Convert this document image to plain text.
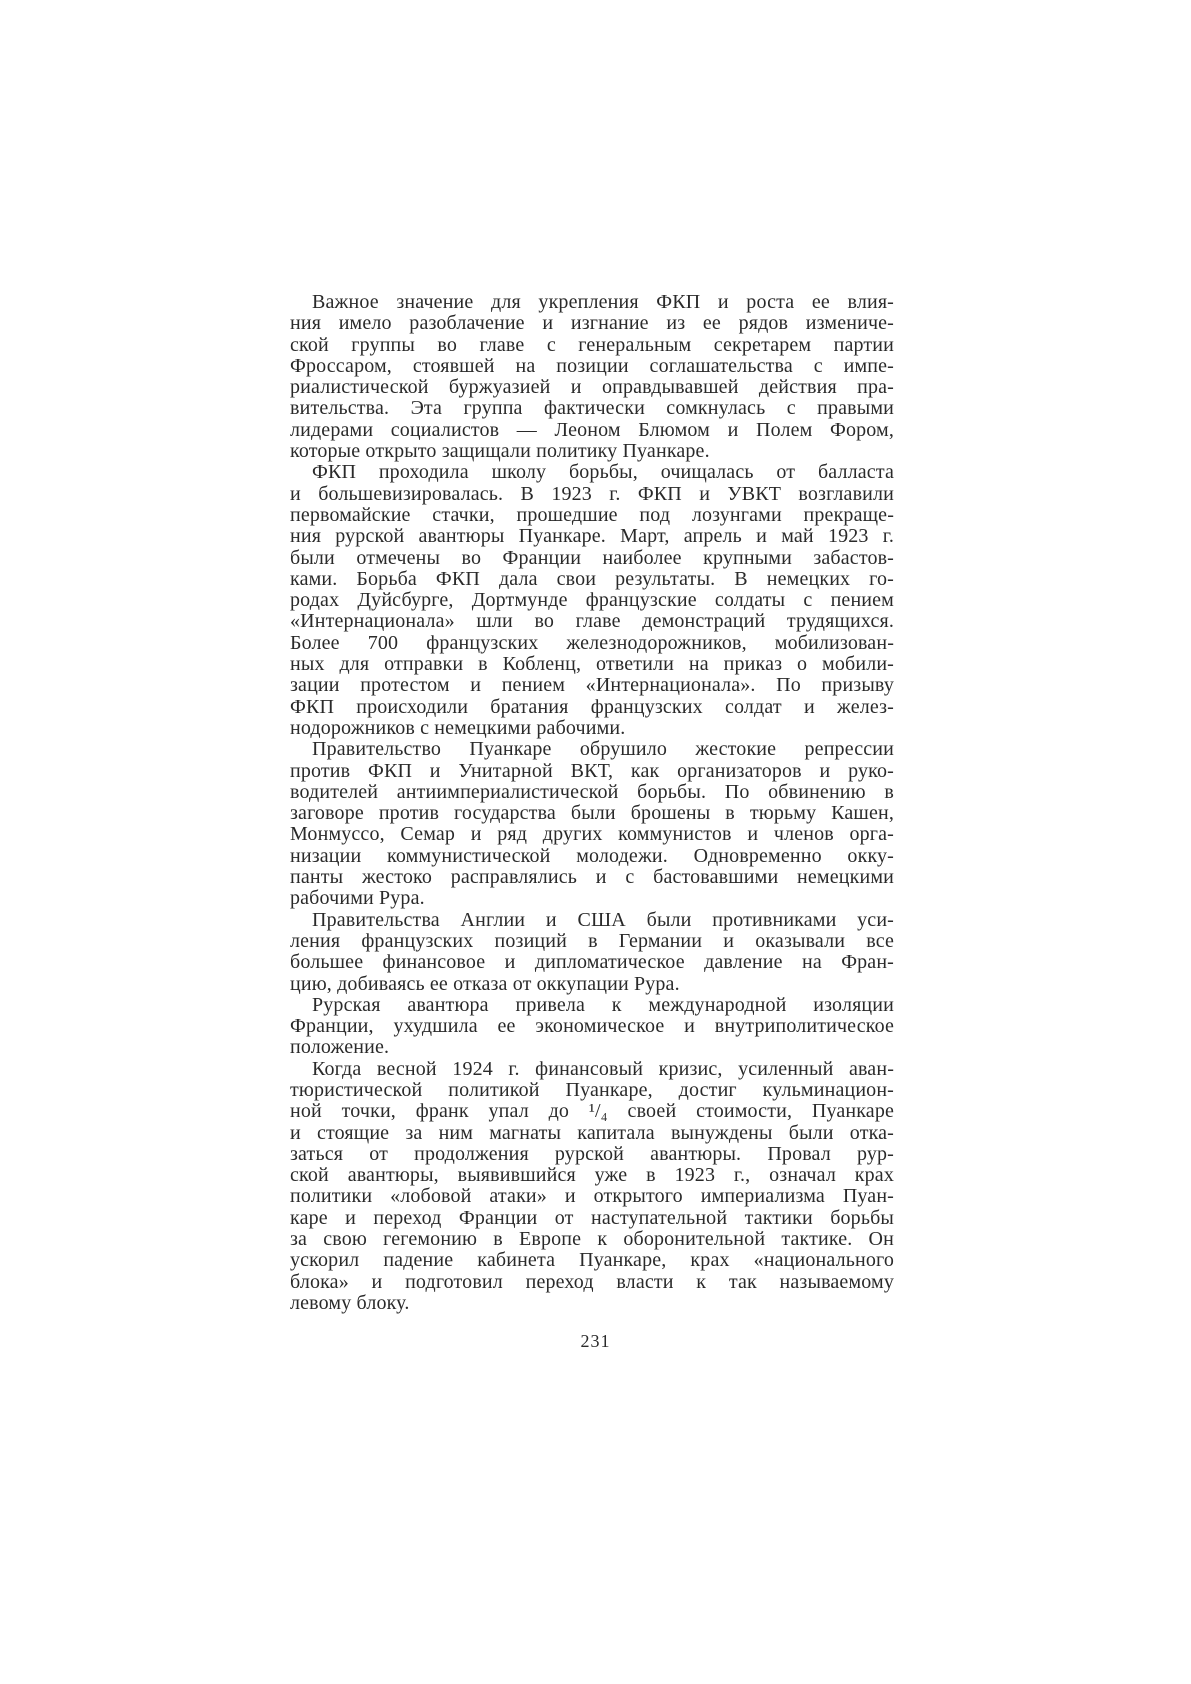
Важное значение для укрепления ФКП и роста ее влия-
ния имело разоблачение и изгнание из ее рядов измениче-
ской группы во главе с генеральным секретарем партии
Фроссаром, стоявшей на позиции соглашательства с импе-
риалистической буржуазией и оправдывавшей действия пра-
вительства. Эта группа фактически сомкнулась с правыми
лидерами социалистов — Леоном Блюмом и Полем Фором,
которые открыто защищали политику Пуанкаре.
ФКП проходила школу борьбы, очищалась от балласта
и большевизировалась. В 1923 г. ФКП и УВКТ возглавили
первомайские стачки, прошедшие под лозунгами прекраще-
ния рурской авантюры Пуанкаре. Март, апрель и май 1923 г.
были отмечены во Франции наиболее крупными забастов-
ками. Борьба ФКП дала свои результаты. В немецких го-
родах Дуйсбурге, Дортмунде французские солдаты с пением
«Интернационала» шли во главе демонстраций трудящихся.
Более 700 французских железнодорожников, мобилизован-
ных для отправки в Кобленц, ответили на приказ о мобили-
зации протестом и пением «Интернационала». По призыву
ФКП происходили братания французских солдат и желез-
нодорожников с немецкими рабочими.
Правительство Пуанкаре обрушило жестокие репрессии
против ФКП и Унитарной ВКТ, как организаторов и руко-
водителей антиимпериалистической борьбы. По обвинению в
заговоре против государства были брошены в тюрьму Кашен,
Монмуссо, Семар и ряд других коммунистов и членов орга-
низации коммунистической молодежи. Одновременно окку-
панты жестоко расправлялись и с бастовавшими немецкими
рабочими Рура.
Правительства Англии и США были противниками уси-
ления французских позиций в Германии и оказывали все
большее финансовое и дипломатическое давление на Фран-
цию, добиваясь ее отказа от оккупации Рура.
Рурская авантюра привела к международной изоляции
Франции, ухудшила ее экономическое и внутриполитическое
положение.
Когда весной 1924 г. финансовый кризис, усиленный аван-
тюристической политикой Пуанкаре, достиг кульминацион-
ной точки, франк упал до ¹/₄ своей стоимости, Пуанкаре
и стоящие за ним магнаты капитала вынуждены были отка-
заться от продолжения рурской авантюры. Провал рур-
ской авантюры, выявившийся уже в 1923 г., означал крах
политики «лобовой атаки» и открытого империализма Пуан-
каре и переход Франции от наступательной тактики борьбы
за свою гегемонию в Европе к оборонительной тактике. Он
ускорил падение кабинета Пуанкаре, крах «национального
блока» и подготовил переход власти к так называемому
левому блоку.
231
